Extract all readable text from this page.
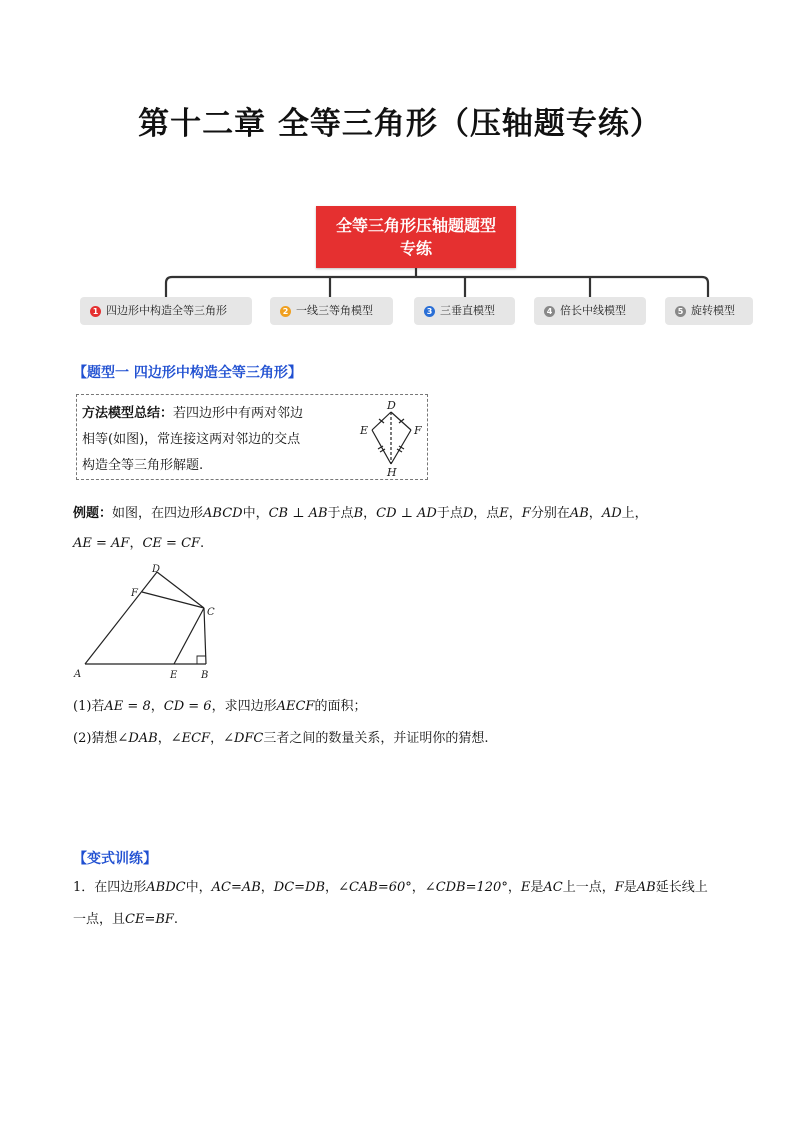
第十二章 全等三角形（压轴题专练）
全等三角形压轴题题型
专练
1 四边形中构造全等三角形	2 一线三等角模型	3 三垂直模型	4 倍长中线模型	5 旋转模型
【题型一 四边形中构造全等三角形】
方法模型总结：若四边形中有两对邻边
相等(如图)，常连接这两对邻边的交点
构造全等三角形解题.
D
E	F
H
例题：如图，在四边形ABCD中，CB ⊥ AB于点B，CD ⊥ AD于点D，点E，F分别在AB，AD上，
AE = AF，CE = CF.
A	B
C
D
E
F
(1)若AE = 8，CD = 6，求四边形AECF的面积；
(2)猜想∠DAB，∠ECF，∠DFC三者之间的数量关系，并证明你的猜想.
【变式训练】
1．在四边形ABDC中，AC=AB，DC=DB，∠CAB=60°，∠CDB=120°，E是AC上一点，F是AB延长线上
一点，且CE=BF.
